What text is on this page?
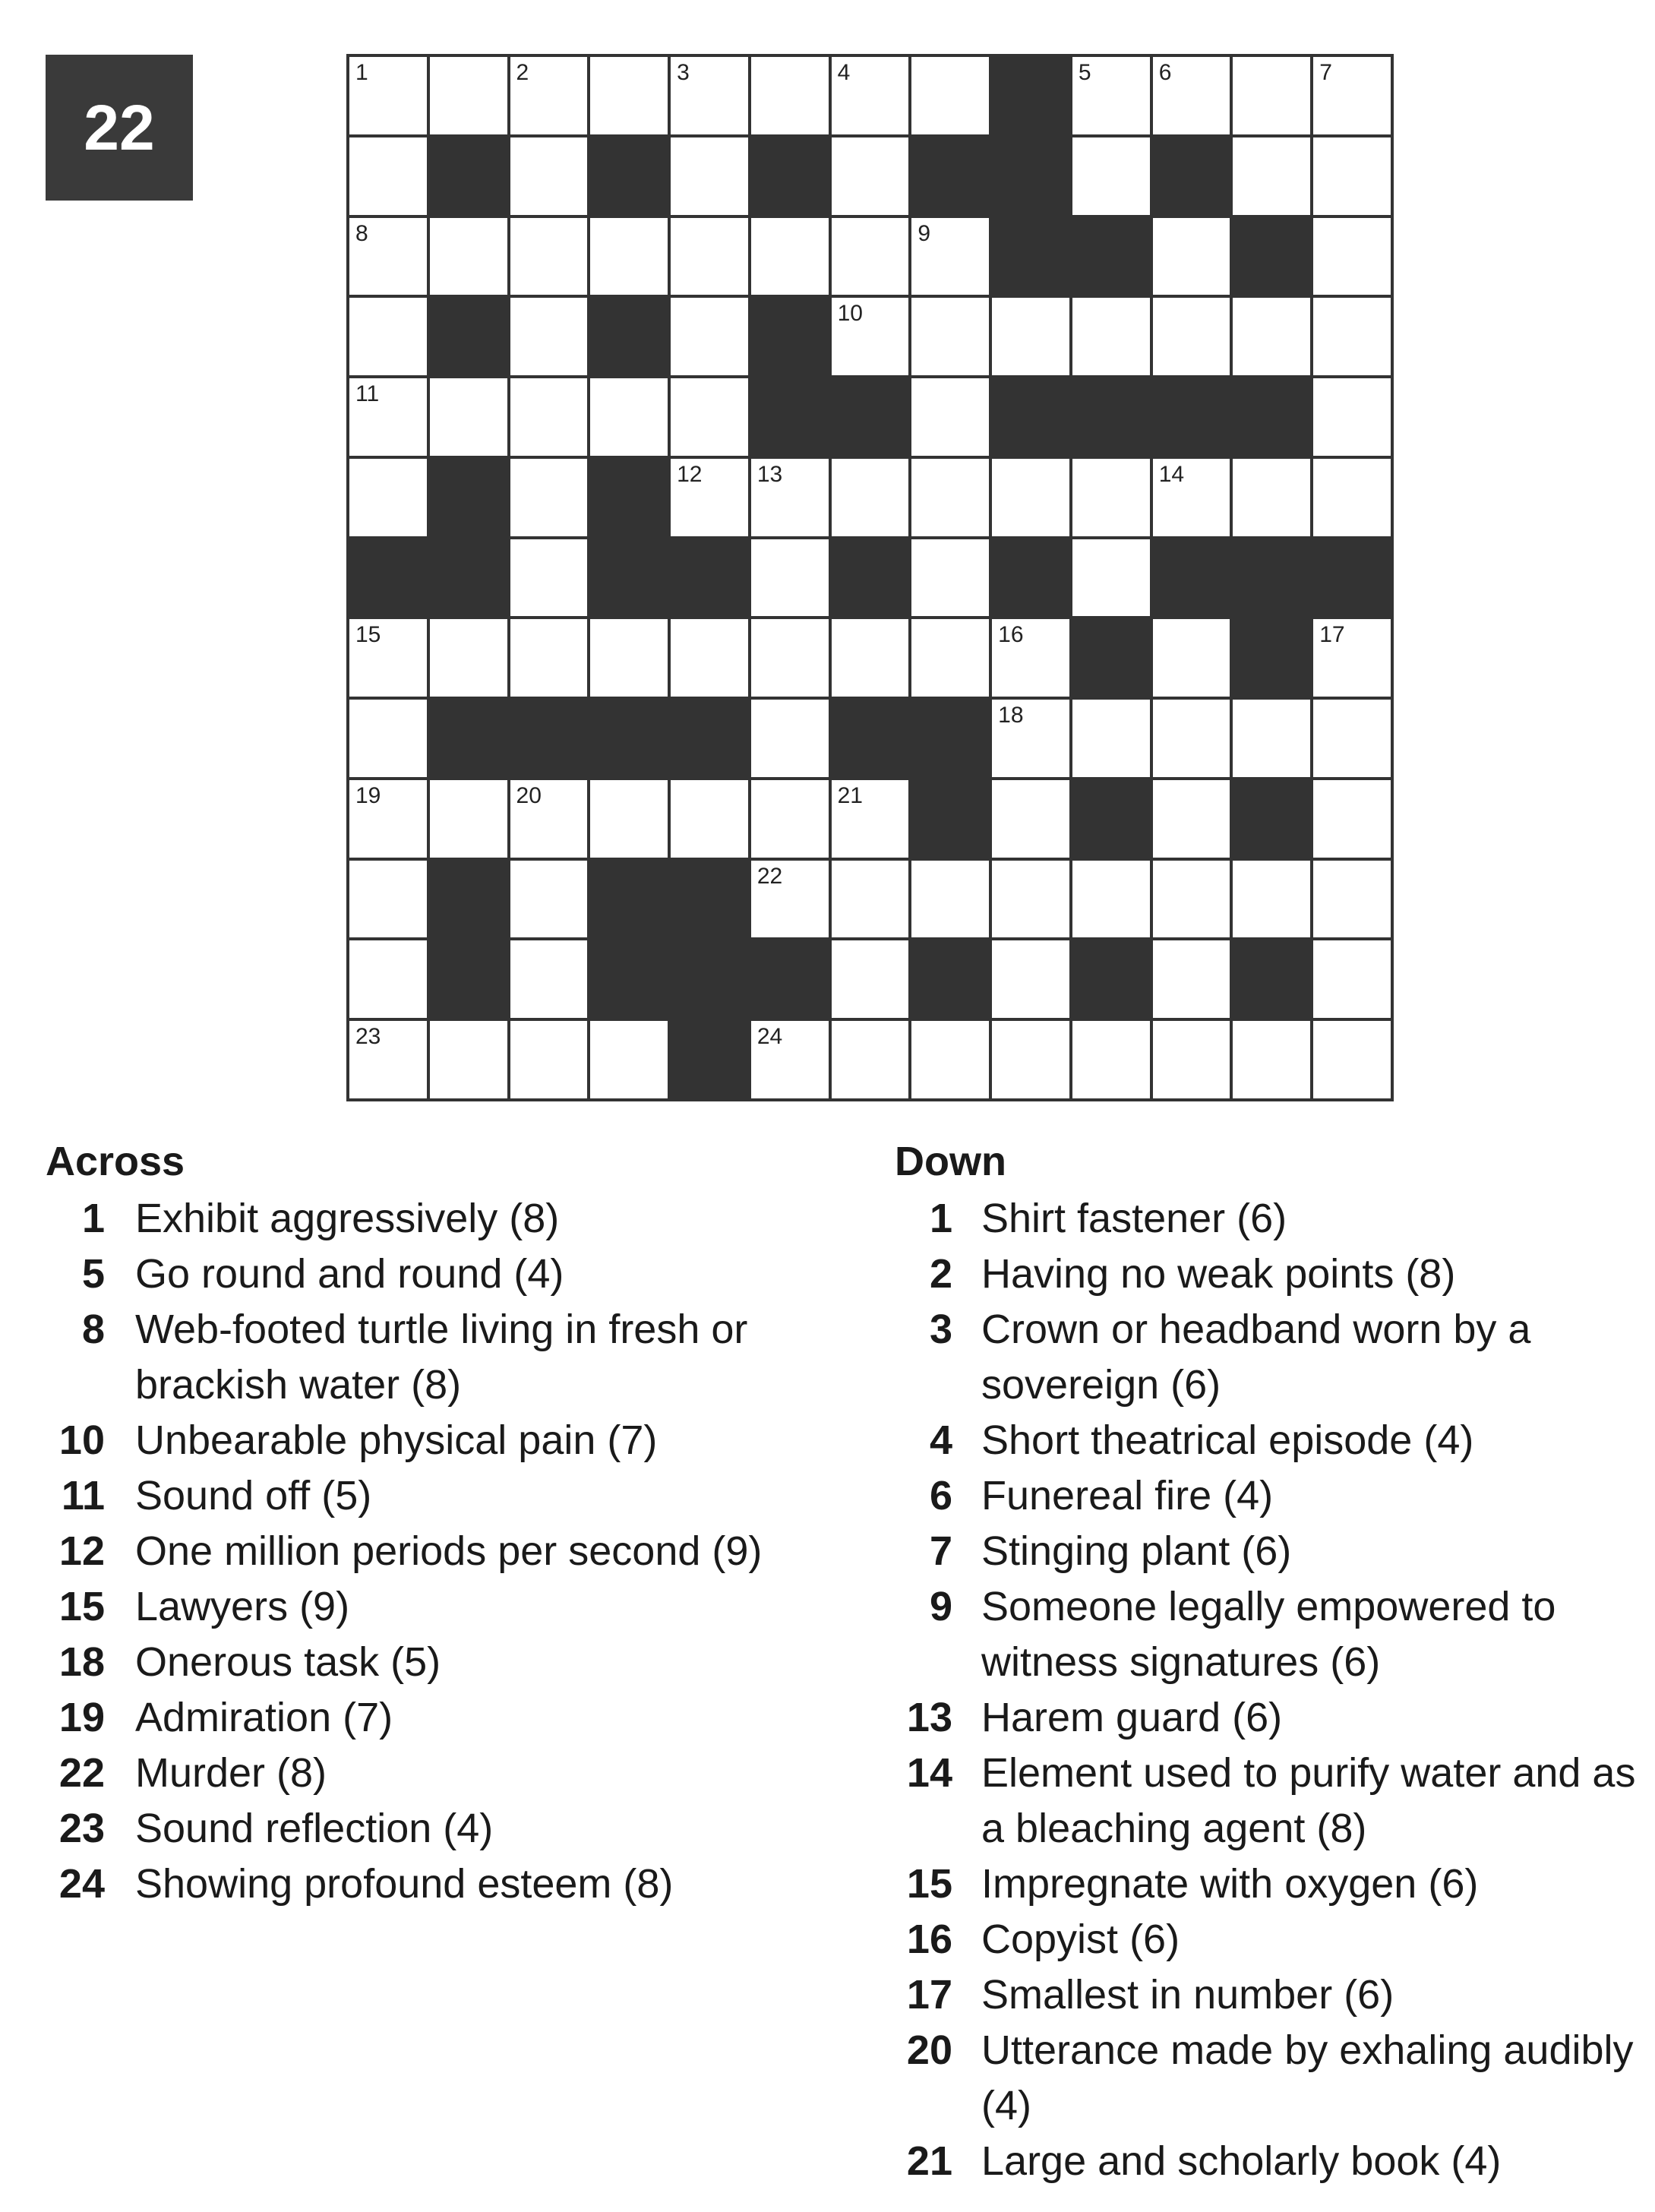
22
1	2	3	4	5	6	7
8	9
10
11
12 13	14
15	16	17
18
19	20	21
22
23	24
Across
1 Exhibit aggressively (8)
5 Go round and round (4)
8 Web-footed turtle living in fresh or brackish water (8)
10 Unbearable physical pain (7)
11 Sound off (5)
12 One million periods per second (9)
15 Lawyers (9)
18 Onerous task (5)
19 Admiration (7)
22 Murder (8)
23 Sound reflection (4)
24 Showing profound esteem (8)
Down
1 Shirt fastener (6)
2 Having no weak points (8)
3 Crown or headband worn by a sovereign (6)
4 Short theatrical episode (4)
6 Funereal fire (4)
7 Stinging plant (6)
9 Someone legally empowered to witness signatures (6)
13 Harem guard (6)
14 Element used to purify water and as a bleaching agent (8)
15 Impregnate with oxygen (6)
16 Copyist (6)
17 Smallest in number (6)
20 Utterance made by exhaling audibly (4)
21 Large and scholarly book (4)
